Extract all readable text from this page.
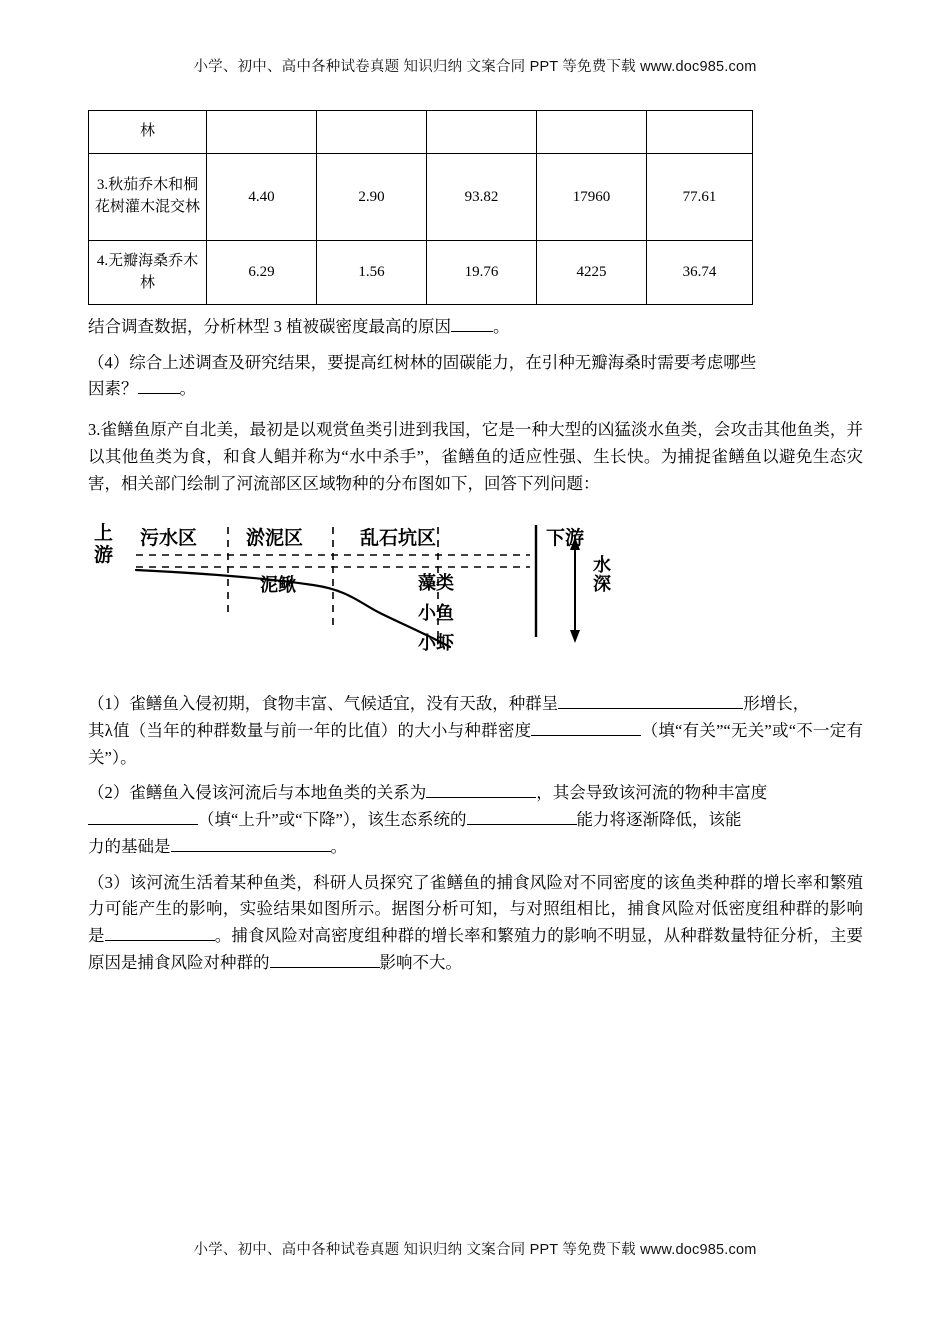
小学、初中、高中各种试卷真题 知识归纳 文案合同 PPT 等免费下载 www.doc985.com
林					
3.秋茄乔木和桐花树灌木混交林	4.40	2.90	93.82	17960	77.61
4.无瓣海桑乔木林	6.29	1.56	19.76	4225	36.74

结合调查数据，分析林型 3 植被碳密度最高的原因	。

（4）综合上述调查及研究结果，要提高红树林的固碳能力，在引种无瓣海桑时需要考虑哪些
因素？	。

3.雀鳝鱼原产自北美，最初是以观赏鱼类引进到我国，它是一种大型的凶猛淡水鱼类，会攻击其他鱼类，并以其他鱼类为食，和食人鲳并称为“水中杀手”，雀鳝鱼的适应性强、生长快。为捕捉雀鳝鱼以避免生态灾害，相关部门绘制了河流部区区域物种的分布图如下，回答下列问题：

上
游
污水区	淤泥区	乱石坑区	下游
泥鳅	藻类
小鱼
小虾
水深

（1）雀鳝鱼入侵初期，食物丰富、气候适宜，没有天敌，种群呈	形增长，
其λ值（当年的种群数量与前一年的比值）的大小与种群密度	（填“有关”“无关”或“不一定有关”）。

（2）雀鳝鱼入侵该河流后与本地鱼类的关系为	，其会导致该河流的物种丰富度
（填“上升”或“下降”），该生态系统的	能力将逐渐降低，该能
力的基础是	。

（3）该河流生活着某种鱼类，科研人员探究了雀鳝鱼的捕食风险对不同密度的该鱼类种群的增长率和繁殖力可能产生的影响，实验结果如图所示。据图分析可知，与对照组相比，捕食风险对低密度组种群的影响是	。捕食风险对高密度组种群的增长率和繁殖力的影响不明显，从种群数量特征分析，主要原因是捕食风险对种群的	影响不大。

小学、初中、高中各种试卷真题 知识归纳 文案合同 PPT 等免费下载 www.doc985.com
